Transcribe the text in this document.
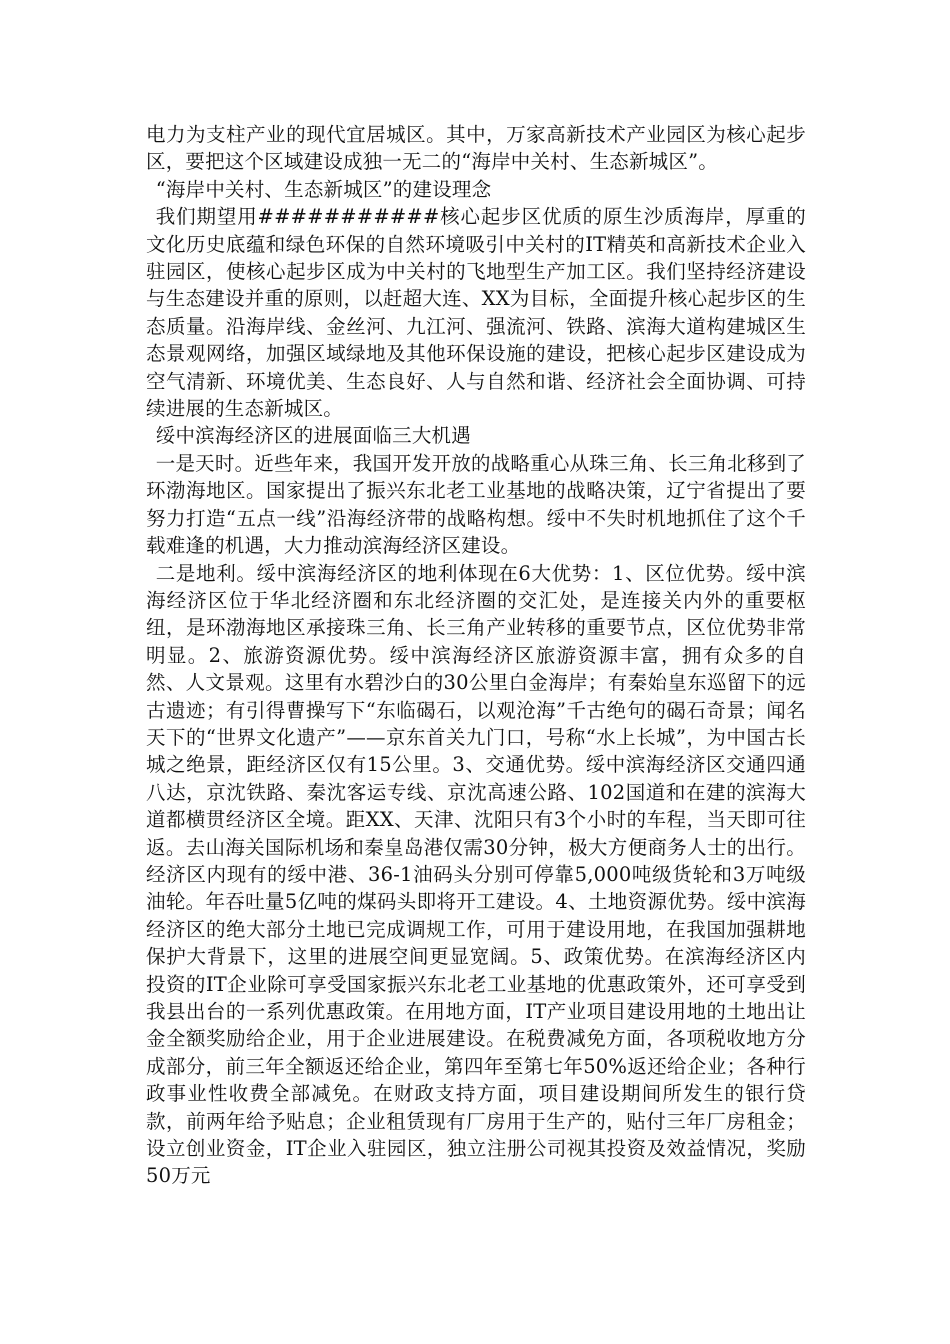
电力为支柱产业的现代宜居城区。其中，万家高新技术产业园区为核心起步区，要把这个区域建设成独一无二的“海岸中关村、生态新城区”。

“海岸中关村、生态新城区”的建设理念

我们期望用###########核心起步区优质的原生沙质海岸，厚重的文化历史底蕴和绿色环保的自然环境吸引中关村的IT精英和高新技术企业入驻园区，使核心起步区成为中关村的飞地型生产加工区。我们坚持经济建设与生态建设并重的原则，以赶超大连、XX为目标，全面提升核心起步区的生态质量。沿海岸线、金丝河、九江河、强流河、铁路、滨海大道构建城区生态景观网络，加强区域绿地及其他环保设施的建设，把核心起步区建设成为空气清新、环境优美、生态良好、人与自然和谐、经济社会全面协调、可持续进展的生态新城区。

绥中滨海经济区的进展面临三大机遇

一是天时。近些年来，我国开发开放的战略重心从珠三角、长三角北移到了环渤海地区。国家提出了振兴东北老工业基地的战略决策，辽宁省提出了要努力打造“五点一线”沿海经济带的战略构想。绥中不失时机地抓住了这个千载难逢的机遇，大力推动滨海经济区建设。

二是地利。绥中滨海经济区的地利体现在6大优势：1、区位优势。绥中滨海经济区位于华北经济圈和东北经济圈的交汇处，是连接关内外的重要枢纽，是环渤海地区承接珠三角、长三角产业转移的重要节点，区位优势非常明显。2、旅游资源优势。绥中滨海经济区旅游资源丰富，拥有众多的自然、人文景观。这里有水碧沙白的30公里白金海岸；有秦始皇东巡留下的远古遗迹；有引得曹操写下“东临碣石，以观沧海”千古绝句的碣石奇景；闻名天下的“世界文化遗产”——京东首关九门口，号称“水上长城”，为中国古长城之绝景，距经济区仅有15公里。3、交通优势。绥中滨海经济区交通四通八达，京沈铁路、秦沈客运专线、京沈高速公路、102国道和在建的滨海大道都横贯经济区全境。距XX、天津、沈阳只有3个小时的车程，当天即可往返。去山海关国际机场和秦皇岛港仅需30分钟，极大方便商务人士的出行。经济区内现有的绥中港、36-1油码头分别可停靠5,000吨级货轮和3万吨级油轮。年吞吐量5亿吨的煤码头即将开工建设。4、土地资源优势。绥中滨海经济区的绝大部分土地已完成调规工作，可用于建设用地，在我国加强耕地保护大背景下，这里的进展空间更显宽阔。5、政策优势。在滨海经济区内投资的IT企业除可享受国家振兴东北老工业基地的优惠政策外，还可享受到我县出台的一系列优惠政策。在用地方面，IT产业项目建设用地的土地出让金全额奖励给企业，用于企业进展建设。在税费减免方面，各项税收地方分成部分，前三年全额返还给企业，第四年至第七年50%返还给企业；各种行政事业性收费全部减免。在财政支持方面，项目建设期间所发生的银行贷款，前两年给予贴息；企业租赁现有厂房用于生产的，贴付三年厂房租金；设立创业资金，IT企业入驻园区，独立注册公司视其投资及效益情况，奖励50万元
